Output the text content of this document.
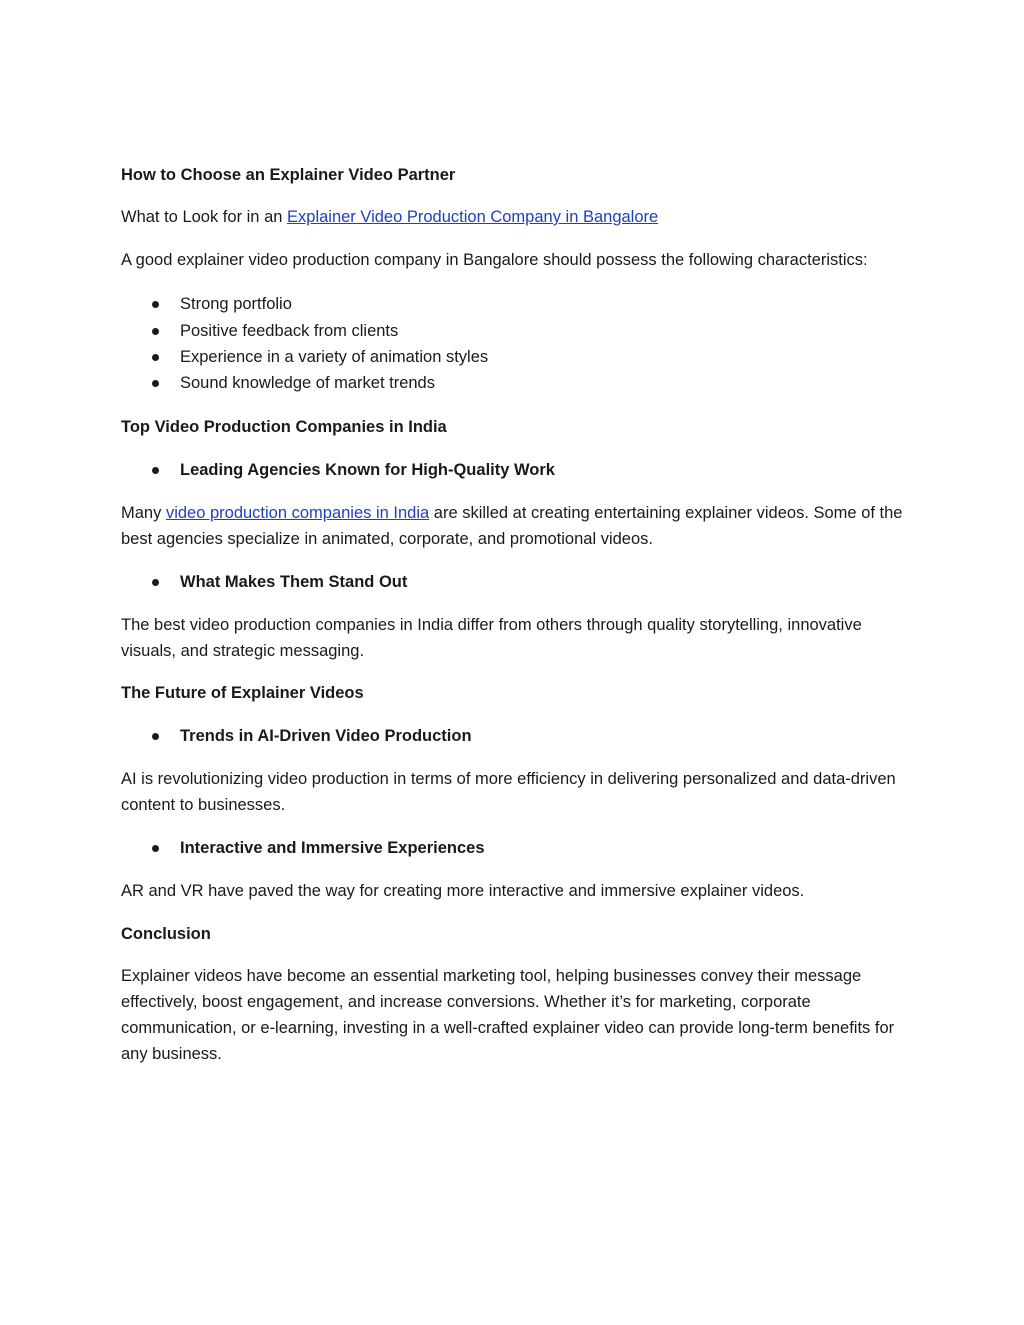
How to Choose an Explainer Video Partner

What to Look for in an Explainer Video Production Company in Bangalore

A good explainer video production company in Bangalore should possess the following characteristics:

Strong portfolio
Positive feedback from clients
Experience in a variety of animation styles
Sound knowledge of market trends

Top Video Production Companies in India

Leading Agencies Known for High-Quality Work

Many video production companies in India are skilled at creating entertaining explainer videos. Some of the best agencies specialize in animated, corporate, and promotional videos.

What Makes Them Stand Out

The best video production companies in India differ from others through quality storytelling, innovative visuals, and strategic messaging.

The Future of Explainer Videos

Trends in AI-Driven Video Production

AI is revolutionizing video production in terms of more efficiency in delivering personalized and data-driven content to businesses.

Interactive and Immersive Experiences

AR and VR have paved the way for creating more interactive and immersive explainer videos.

Conclusion

Explainer videos have become an essential marketing tool, helping businesses convey their message effectively, boost engagement, and increase conversions. Whether it’s for marketing, corporate communication, or e-learning, investing in a well-crafted explainer video can provide long-term benefits for any business.
